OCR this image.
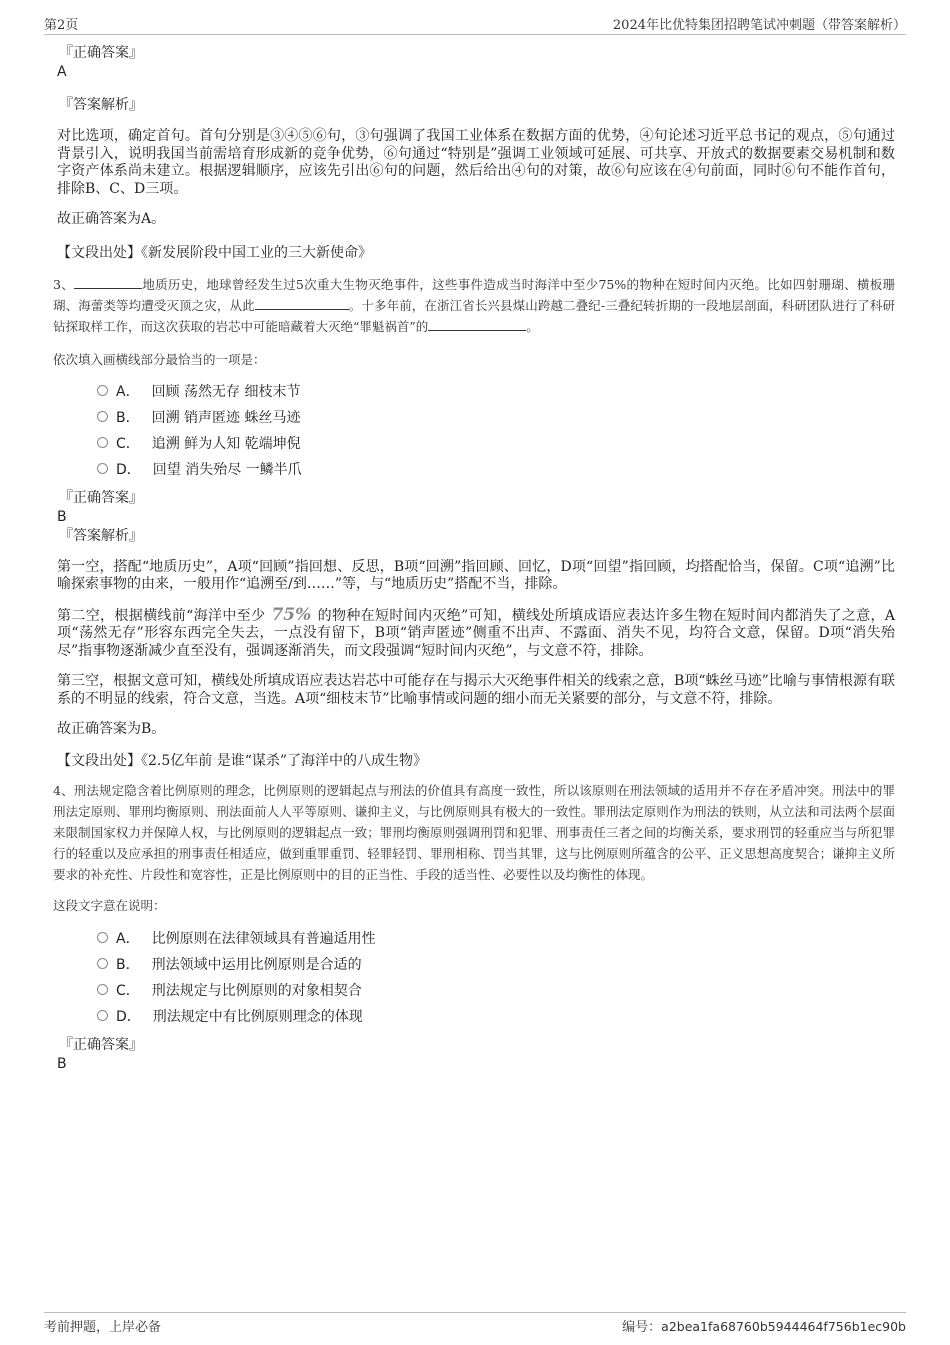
第2页	2024年比优特集团招聘笔试冲刺题（带答案解析）
『正确答案』
A
『答案解析』

对比选项，确定首句。首句分别是③④⑤⑥句，③句强调了我国工业体系在数据方面的优势，④句论述习近平总书记的观点，⑤句通过背景引入，说明我国当前需培育形成新的竞争优势，⑥句通过“特别是”强调工业领域可延展、可共享、开放式的数据要素交易机制和数字资产体系尚未建立。根据逻辑顺序，应该先引出⑥句的问题，然后给出④句的对策，故⑥句应该在④句前面，同时⑥句不能作首句，排除B、C、D三项。

故正确答案为A。

【文段出处】《新发展阶段中国工业的三大新使命》

3、	地质历史，地球曾经发生过5次重大生物灭绝事件，这些事件造成当时海洋中至少75%的物种在短时间内灭绝。比如四射珊瑚、横板珊瑚、海蕾类等均遭受灭顶之灾，从此	。十多年前，在浙江省长兴县煤山跨越二叠纪-三叠纪转折期的一段地层剖面，科研团队进行了科研钻探取样工作，而这次获取的岩芯中可能暗藏着大灭绝“罪魁祸首”的	。

依次填入画横线部分最恰当的一项是：

A． 回顾 荡然无存 细枝末节
B． 回溯 销声匿迹 蛛丝马迹
C． 追溯 鲜为人知 乾端坤倪
D． 回望 消失殆尽 一鳞半爪
『正确答案』
B
『答案解析』

第一空，搭配“地质历史”，A项“回顾”指回想、反思，B项“回溯”指回顾、回忆，D项“回望”指回顾，均搭配恰当，保留。C项“追溯”比喻探索事物的由来，一般用作“追溯至/到……”等，与“地质历史”搭配不当，排除。

第二空，根据横线前“海洋中至少 75% 的物种在短时间内灭绝”可知，横线处所填成语应表达许多生物在短时间内都消失了之意，A项“荡然无存”形容东西完全失去，一点没有留下，B项“销声匿迹”侧重不出声、不露面、消失不见，均符合文意，保留。D项“消失殆尽”指事物逐渐减少直至没有，强调逐渐消失，而文段强调“短时间内灭绝”，与文意不符，排除。

第三空，根据文意可知，横线处所填成语应表达岩芯中可能存在与揭示大灭绝事件相关的线索之意，B项“蛛丝马迹”比喻与事情根源有联系的不明显的线索，符合文意，当选。A项“细枝末节”比喻事情或问题的细小而无关紧要的部分，与文意不符，排除。

故正确答案为B。

【文段出处】《2.5亿年前 是谁“谋杀”了海洋中的八成生物》

4、刑法规定隐含着比例原则的理念，比例原则的逻辑起点与刑法的价值具有高度一致性，所以该原则在刑法领域的适用并不存在矛盾冲突。刑法中的罪刑法定原则、罪刑均衡原则、刑法面前人人平等原则、谦抑主义，与比例原则具有极大的一致性。罪刑法定原则作为刑法的铁则，从立法和司法两个层面来限制国家权力并保障人权，与比例原则的逻辑起点一致；罪刑均衡原则强调刑罚和犯罪、刑事责任三者之间的均衡关系，要求刑罚的轻重应当与所犯罪行的轻重以及应承担的刑事责任相适应，做到重罪重罚、轻罪轻罚、罪刑相称、罚当其罪，这与比例原则所蕴含的公平、正义思想高度契合；谦抑主义所要求的补充性、片段性和宽容性，正是比例原则中的目的正当性、手段的适当性、必要性以及均衡性的体现。

这段文字意在说明：

A． 比例原则在法律领域具有普遍适用性
B． 刑法领域中运用比例原则是合适的
C． 刑法规定与比例原则的对象相契合
D． 刑法规定中有比例原则理念的体现
『正确答案』
B
考前押题，上岸必备	编号：a2bea1fa68760b5944464f756b1ec90b
